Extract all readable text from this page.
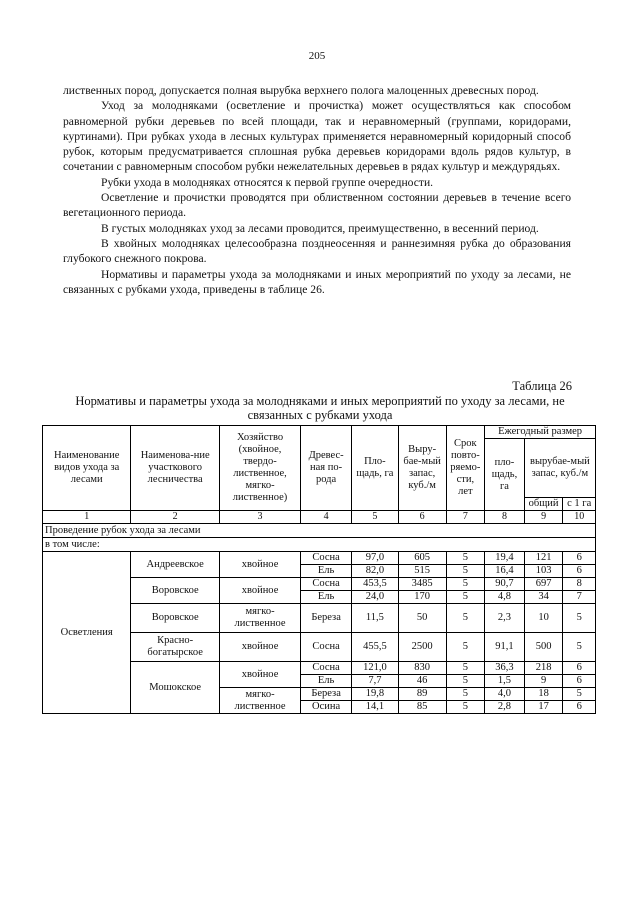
205

лиственных пород, допускается полная вырубка верхнего полога малоценных древесных пород.

Уход за молодняками (осветление и прочистка) может осуществляться как способом равномерной рубки деревьев по всей площади, так и неравномерный (группами, коридорами, куртинами). При рубках ухода в лесных культурах применяется неравномерный коридорный способ рубок, которым предусматривается сплошная рубка деревьев коридорами вдоль рядов культур, в сочетании с равномерным способом рубки нежелательных деревьев в рядах культур и междурядьях.

Рубки ухода в молодняках относятся к первой группе очередности.

Осветление и прочистки проводятся при облиственном состоянии деревьев в течение всего вегетационного периода.

В густых молодняках уход за лесами проводится, преимущественно, в весенний период.

В хвойных молодняках целесообразна позднеосенняя и раннезимняя рубка до образования глубокого снежного покрова.

Нормативы и параметры ухода за молодняками и иных мероприятий по уходу за лесами, не связанных с рубками ухода, приведены в таблице 26.

Таблица 26
Нормативы и параметры ухода за молодняками и иных мероприятий по уходу за лесами, не связанных с рубками ухода
Наименование видов ухода за лесами	Наименова-ние участкового лесничества	Хозяйство (хвойное, твердо-лиственное, мягко-лиственное)	Древес-ная по-рода	Пло-щадь, га	Выру-бае-мый запас, куб./м	Срок повто-ряемо-сти, лет	Ежегодный размер		
							пло-щадь, га	вырубае-мый запас, куб./м	
								общий	с 1 га
1	2	3	4	5	6	7	8	9	10
Проведение рубок ухода за лесами									
в том числе:									
Осветления	Андреевское	хвойное	Сосна	97,0	605	5	19,4	121	6
			Ель	82,0	515	5	16,4	103	6
	Воровское	хвойное	Сосна	453,5	3485	5	90,7	697	8
			Ель	24,0	170	5	4,8	34	7
	Воровское	мягко-лиственное	Береза	11,5	50	5	2,3	10	5
	Красно-богатырское	хвойное	Сосна	455,5	2500	5	91,1	500	5
	Мошокское	хвойное	Сосна	121,0	830	5	36,3	218	6
			Ель	7,7	46	5	1,5	9	6
		мягко-лиственное	Береза	19,8	89	5	4,0	18	5
			Осина	14,1	85	5	2,8	17	6
